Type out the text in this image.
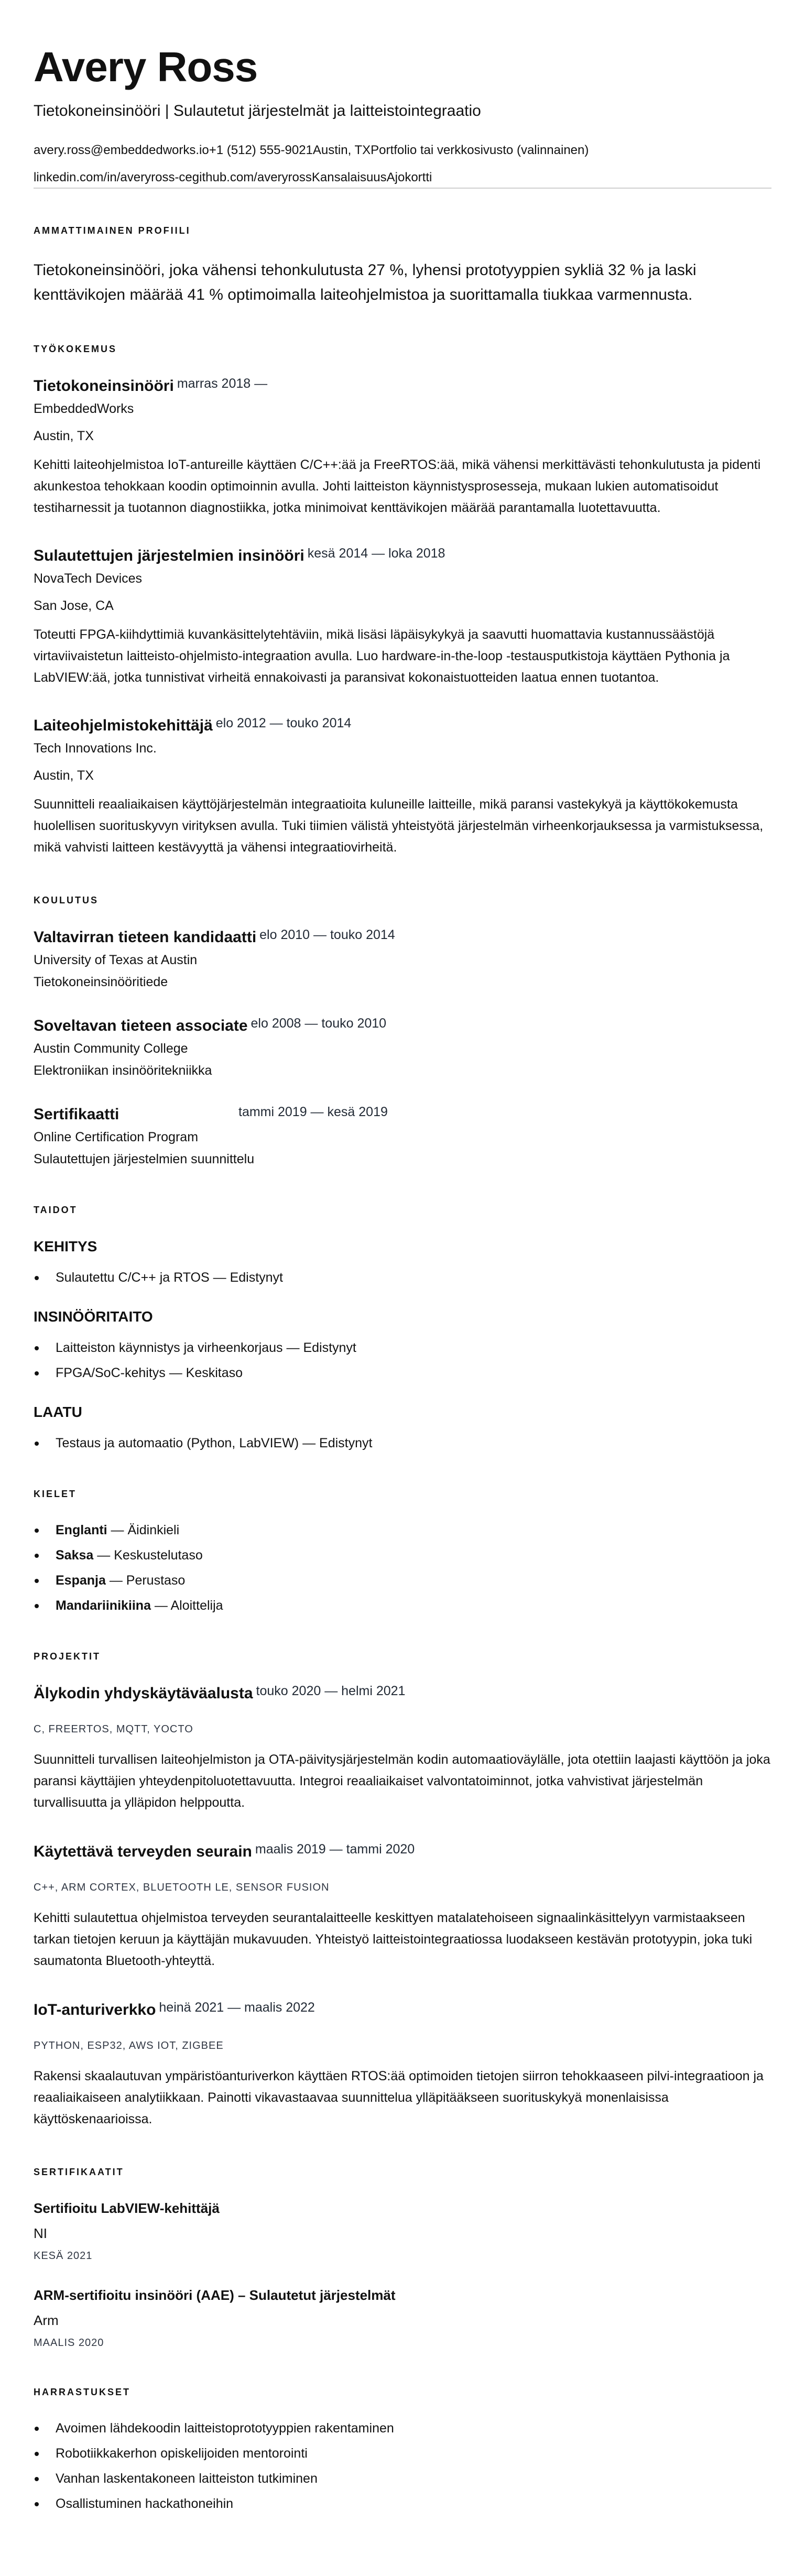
Avery Ross
Tietokoneinsinööri | Sulautetut järjestelmät ja laitteistointegraatio
avery.ross@embeddedworks.io+1 (512) 555-9021Austin, TXPortfolio tai verkkosivusto (valinnainen)
linkedin.com/in/averyross-cegithub.com/averyrossKansalaisuusAjokortti
AMMATTIMAINEN PROFIILI

Tietokoneinsinööri, joka vähensi tehonkulutusta 27 %, lyhensi prototyyppien sykliä 32 % ja laski kenttävikojen määrää 41 % optimoimalla laiteohjelmistoa ja suorittamalla tiukkaa varmennusta.

TYÖKOKEMUS
Tietokoneinsinööri marras 2018 —
EmbeddedWorks
Austin, TX
Kehitti laiteohjelmistoa IoT-antureille käyttäen C/C++:ää ja FreeRTOS:ää, mikä vähensi merkittävästi tehonkulutusta ja pidenti akunkestoa tehokkaan koodin optimoinnin avulla. Johti laitteiston käynnistysprosesseja, mukaan lukien automatisoidut testiharnessit ja tuotannon diagnostiikka, jotka minimoivat kenttävikojen määrää parantamalla luotettavuutta.
Sulautettujen järjestelmien insinööri kesä 2014 — loka 2018
NovaTech Devices
San Jose, CA
Toteutti FPGA-kiihdyttimiä kuvankäsittelytehtäviin, mikä lisäsi läpäisykykyä ja saavutti huomattavia kustannussäästöjä virtaviivaistetun laitteisto-ohjelmisto-integraation avulla. Luo hardware-in-the-loop -testausputkistoja käyttäen Pythonia ja LabVIEW:ää, jotka tunnistivat virheitä ennakoivasti ja paransivat kokonaistuotteiden laatua ennen tuotantoa.
Laiteohjelmistokehittäjä elo 2012 — touko 2014
Tech Innovations Inc.
Austin, TX
Suunnitteli reaaliaikaisen käyttöjärjestelmän integraatioita kuluneille laitteille, mikä paransi vastekykyä ja käyttökokemusta huolellisen suorituskyvyn virityksen avulla. Tuki tiimien välistä yhteistyötä järjestelmän virheenkorjauksessa ja varmistuksessa, mikä vahvisti laitteen kestävyyttä ja vähensi integraatiovirheitä.
KOULUTUS
Valtavirran tieteen kandidaatti elo 2010 — touko 2014
University of Texas at Austin
Tietokoneinsinööritiede
Soveltavan tieteen associate elo 2008 — touko 2010
Austin Community College
Elektroniikan insinööritekniikka
Sertifikaatti	tammi 2019 — kesä 2019
Online Certification Program
Sulautettujen järjestelmien suunnittelu
TAIDOT
KEHITYS
Sulautettu C/C++ ja RTOS — Edistynyt
INSINÖÖRITAITO
Laitteiston käynnistys ja virheenkorjaus — Edistynyt
FPGA/SoC-kehitys — Keskitaso
LAATU
Testaus ja automaatio (Python, LabVIEW) — Edistynyt
KIELET
Englanti — Äidinkieli
Saksa — Keskustelutaso
Espanja — Perustaso
Mandariinikiina — Aloittelija
PROJEKTIT
Älykodin yhdyskäytäväalusta touko 2020 — helmi 2021
C, FREERTOS, MQTT, YOCTO
Suunnitteli turvallisen laiteohjelmiston ja OTA-päivitysjärjestelmän kodin automaatioväylälle, jota otettiin laajasti käyttöön ja joka paransi käyttäjien yhteydenpitoluotettavuutta. Integroi reaaliaikaiset valvontatoiminnot, jotka vahvistivat järjestelmän turvallisuutta ja ylläpidon helppoutta.
Käytettävä terveyden seurain maalis 2019 — tammi 2020
C++, ARM CORTEX, BLUETOOTH LE, SENSOR FUSION
Kehitti sulautettua ohjelmistoa terveyden seurantalaitteelle keskittyen matalatehoiseen signaalinkäsittelyyn varmistaakseen tarkan tietojen keruun ja käyttäjän mukavuuden. Yhteistyö laitteistointegraatiossa luodakseen kestävän prototyypin, joka tuki saumatonta Bluetooth-yhteyttä.
IoT-anturiverkko heinä 2021 — maalis 2022
PYTHON, ESP32, AWS IOT, ZIGBEE
Rakensi skaalautuvan ympäristöanturiverkon käyttäen RTOS:ää optimoiden tietojen siirron tehokkaaseen pilvi-integraatioon ja reaaliaikaiseen analytiikkaan. Painotti vikavastaavaa suunnittelua ylläpitääkseen suorituskykyä monenlaisissa käyttöskenaarioissa.
SERTIFIKAATIT
Sertifioitu LabVIEW-kehittäjä
NI
KESÄ 2021
ARM-sertifioitu insinööri (AAE) – Sulautetut järjestelmät
Arm
MAALIS 2020
HARRASTUKSET
Avoimen lähdekoodin laitteistoprototyyppien rakentaminen
Robotiikkakerhon opiskelijoiden mentorointi
Vanhan laskentakoneen laitteiston tutkiminen
Osallistuminen hackathoneihin
